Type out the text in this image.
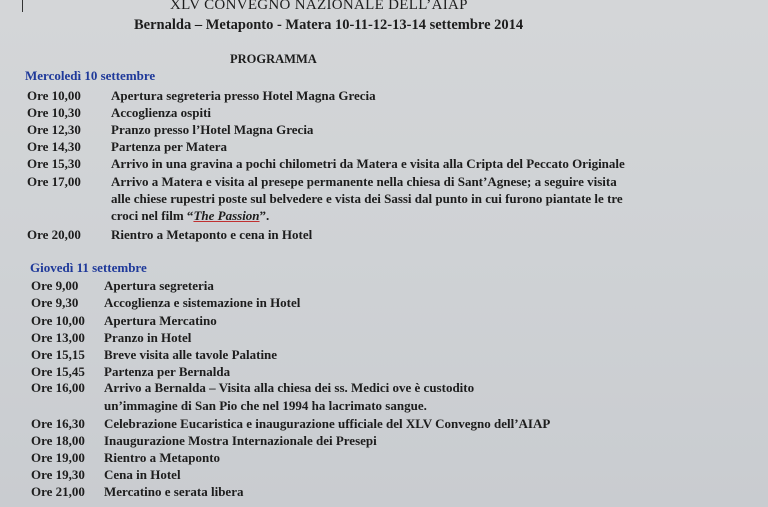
XLV CONVEGNO NAZIONALE DELL’AIAP
Bernalda – Metaponto - Matera 10-11-12-13-14 settembre 2014
PROGRAMMA
Mercoledì 10 settembre
Ore 10,00 Apertura segreteria presso Hotel Magna Grecia
Ore 10,30 Accoglienza ospiti
Ore 12,30 Pranzo presso l’Hotel Magna Grecia
Ore 14,30 Partenza per Matera
Ore 15,30 Arrivo in una gravina a pochi chilometri da Matera e visita alla Cripta del Peccato Originale
Ore 17,00 Arrivo a Matera e visita al presepe permanente nella chiesa di Sant’Agnese; a seguire visita
alle chiese rupestri poste sul belvedere e vista dei Sassi dal punto in cui furono piantate le tre
croci nel film “The Passion”.
Ore 20,00 Rientro a Metaponto e cena in Hotel
Giovedì 11 settembre
Ore 9,00 Apertura segreteria
Ore 9,30 Accoglienza e sistemazione in Hotel
Ore 10,00 Apertura Mercatino
Ore 13,00 Pranzo in Hotel
Ore 15,15 Breve visita alle tavole Palatine
Ore 15,45 Partenza per Bernalda
Ore 16,00 Arrivo a Bernalda – Visita alla chiesa dei ss. Medici ove è custodito
un’immagine di San Pio che nel 1994 ha lacrimato sangue.
Ore 16,30 Celebrazione Eucaristica e inaugurazione ufficiale del XLV Convegno dell’AIAP
Ore 18,00 Inaugurazione Mostra Internazionale dei Presepi
Ore 19,00 Rientro a Metaponto
Ore 19,30 Cena in Hotel
Ore 21,00 Mercatino e serata libera
